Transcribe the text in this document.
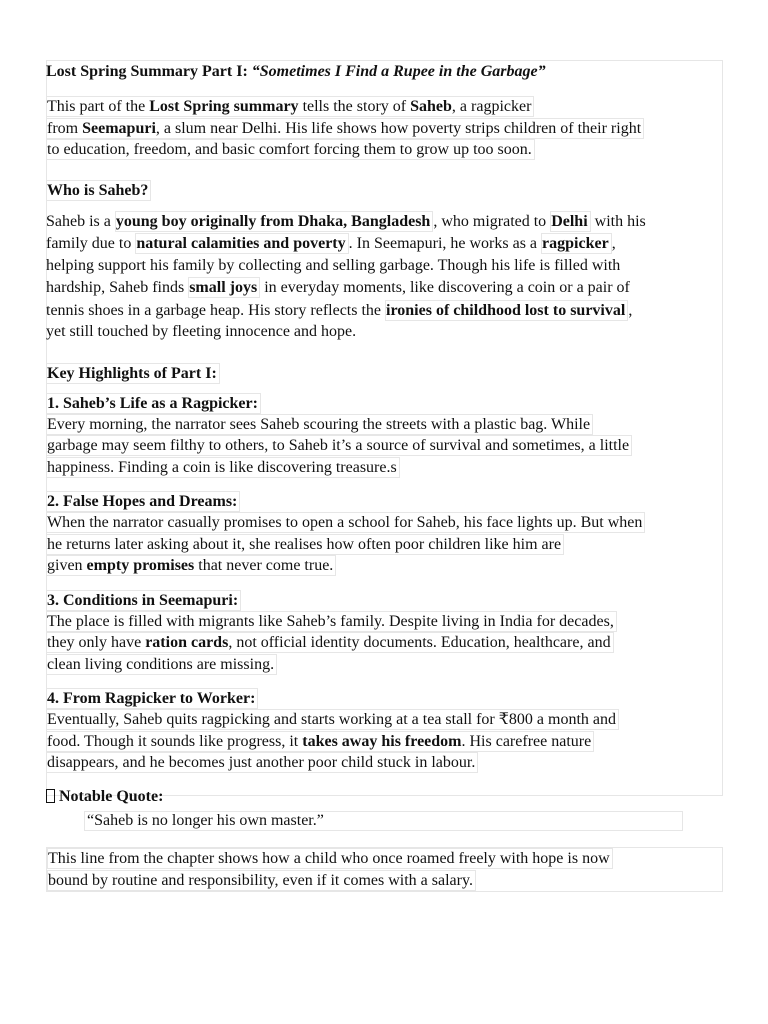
Lost Spring Summary Part I: “Sometimes I Find a Rupee in the Garbage”
This part of the Lost Spring summary tells the story of Saheb, a ragpicker
from Seemapuri, a slum near Delhi. His life shows how poverty strips children of their right
to education, freedom, and basic comfort forcing them to grow up too soon.
Who is Saheb?
Saheb is a young boy originally from Dhaka, Bangladesh , who migrated to Delhi with his
family due to natural calamities and poverty . In Seemapuri, he works as a ragpicker ,
helping support his family by collecting and selling garbage. Though his life is filled with
hardship, Saheb finds small joys in everyday moments, like discovering a coin or a pair of
tennis shoes in a garbage heap. His story reflects the ironies of childhood lost to survival ,
yet still touched by fleeting innocence and hope.
Key Highlights of Part I:
1. Saheb’s Life as a Ragpicker:
Every morning, the narrator sees Saheb scouring the streets with a plastic bag. While
garbage may seem filthy to others, to Saheb it’s a source of survival and sometimes, a little
happiness. Finding a coin is like discovering treasure.s
2. False Hopes and Dreams:
When the narrator casually promises to open a school for Saheb, his face lights up. But when
he returns later asking about it, she realises how often poor children like him are
given empty promises that never come true.
3. Conditions in Seemapuri:
The place is filled with migrants like Saheb’s family. Despite living in India for decades,
they only have ration cards, not official identity documents. Education, healthcare, and
clean living conditions are missing.
4. From Ragpicker to Worker:
Eventually, Saheb quits ragpicking and starts working at a tea stall for ₹800 a month and
food. Though it sounds like progress, it takes away his freedom. His carefree nature
disappears, and he becomes just another poor child stuck in labour.
Notable Quote:
“Saheb is no longer his own master.”
This line from the chapter shows how a child who once roamed freely with hope is now
bound by routine and responsibility, even if it comes with a salary.
